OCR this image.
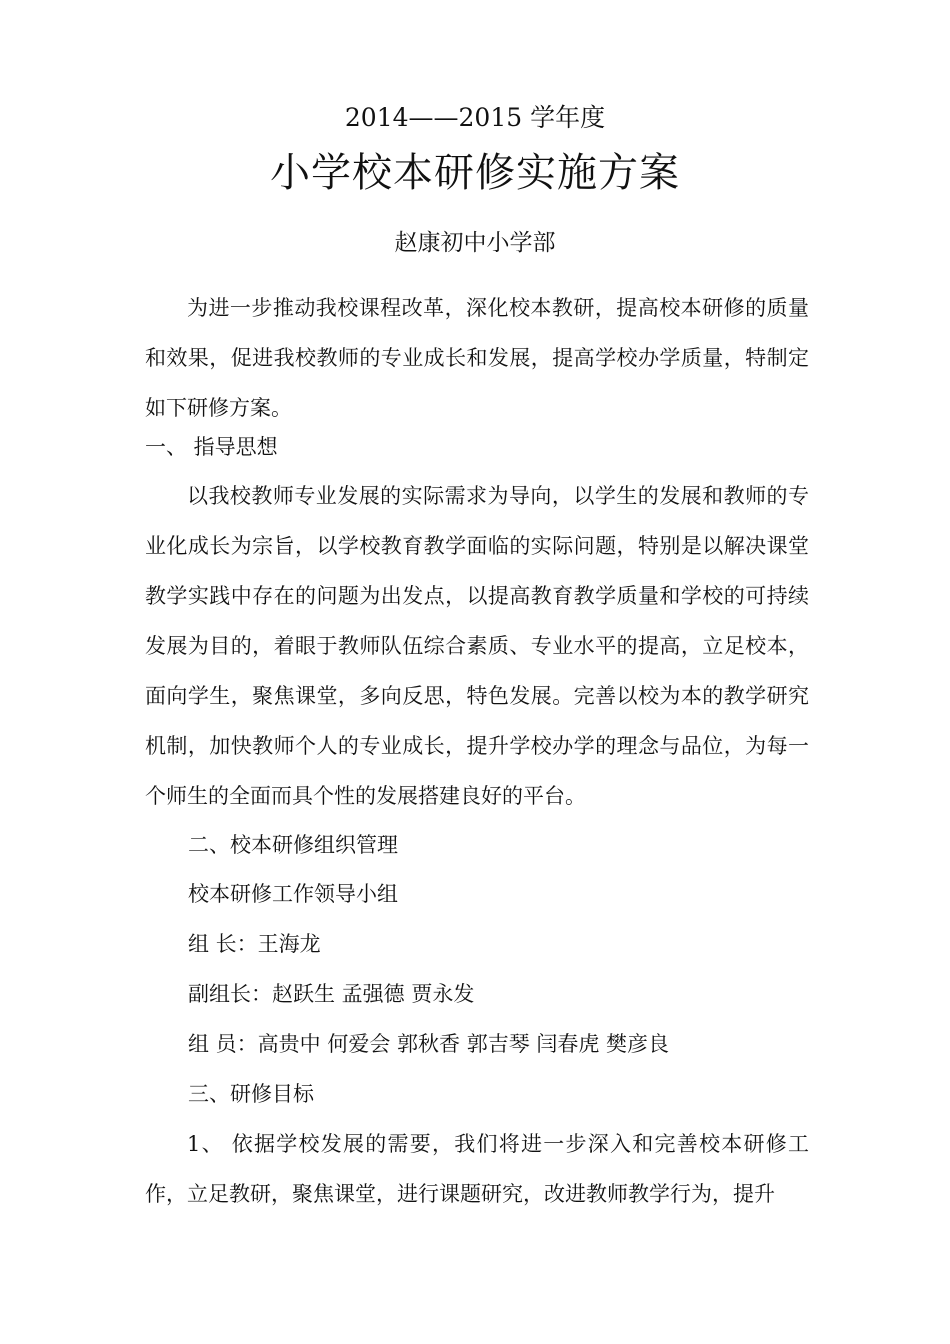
2014——2015 学年度
小学校本研修实施方案
赵康初中小学部

为进一步推动我校课程改革，深化校本教研，提高校本研修的质量和效果，促进我校教师的专业成长和发展，提高学校办学质量，特制定如下研修方案。

一、 指导思想

以我校教师专业发展的实际需求为导向，以学生的发展和教师的专业化成长为宗旨，以学校教育教学面临的实际问题，特别是以解决课堂教学实践中存在的问题为出发点，以提高教育教学质量和学校的可持续发展为目的，着眼于教师队伍综合素质、专业水平的提高，立足校本，面向学生，聚焦课堂，多向反思，特色发展。完善以校为本的教学研究机制，加快教师个人的专业成长，提升学校办学的理念与品位，为每一个师生的全面而具个性的发展搭建良好的平台。

二、校本研修组织管理
校本研修工作领导小组
组 长：王海龙
副组长：赵跃生 孟强德 贾永发
组 员：高贵中 何爱会 郭秋香 郭吉琴 闫春虎 樊彦良
三、研修目标

1、 依据学校发展的需要，我们将进一步深入和完善校本研修工作，立足教研，聚焦课堂，进行课题研究，改进教师教学行为，提升
